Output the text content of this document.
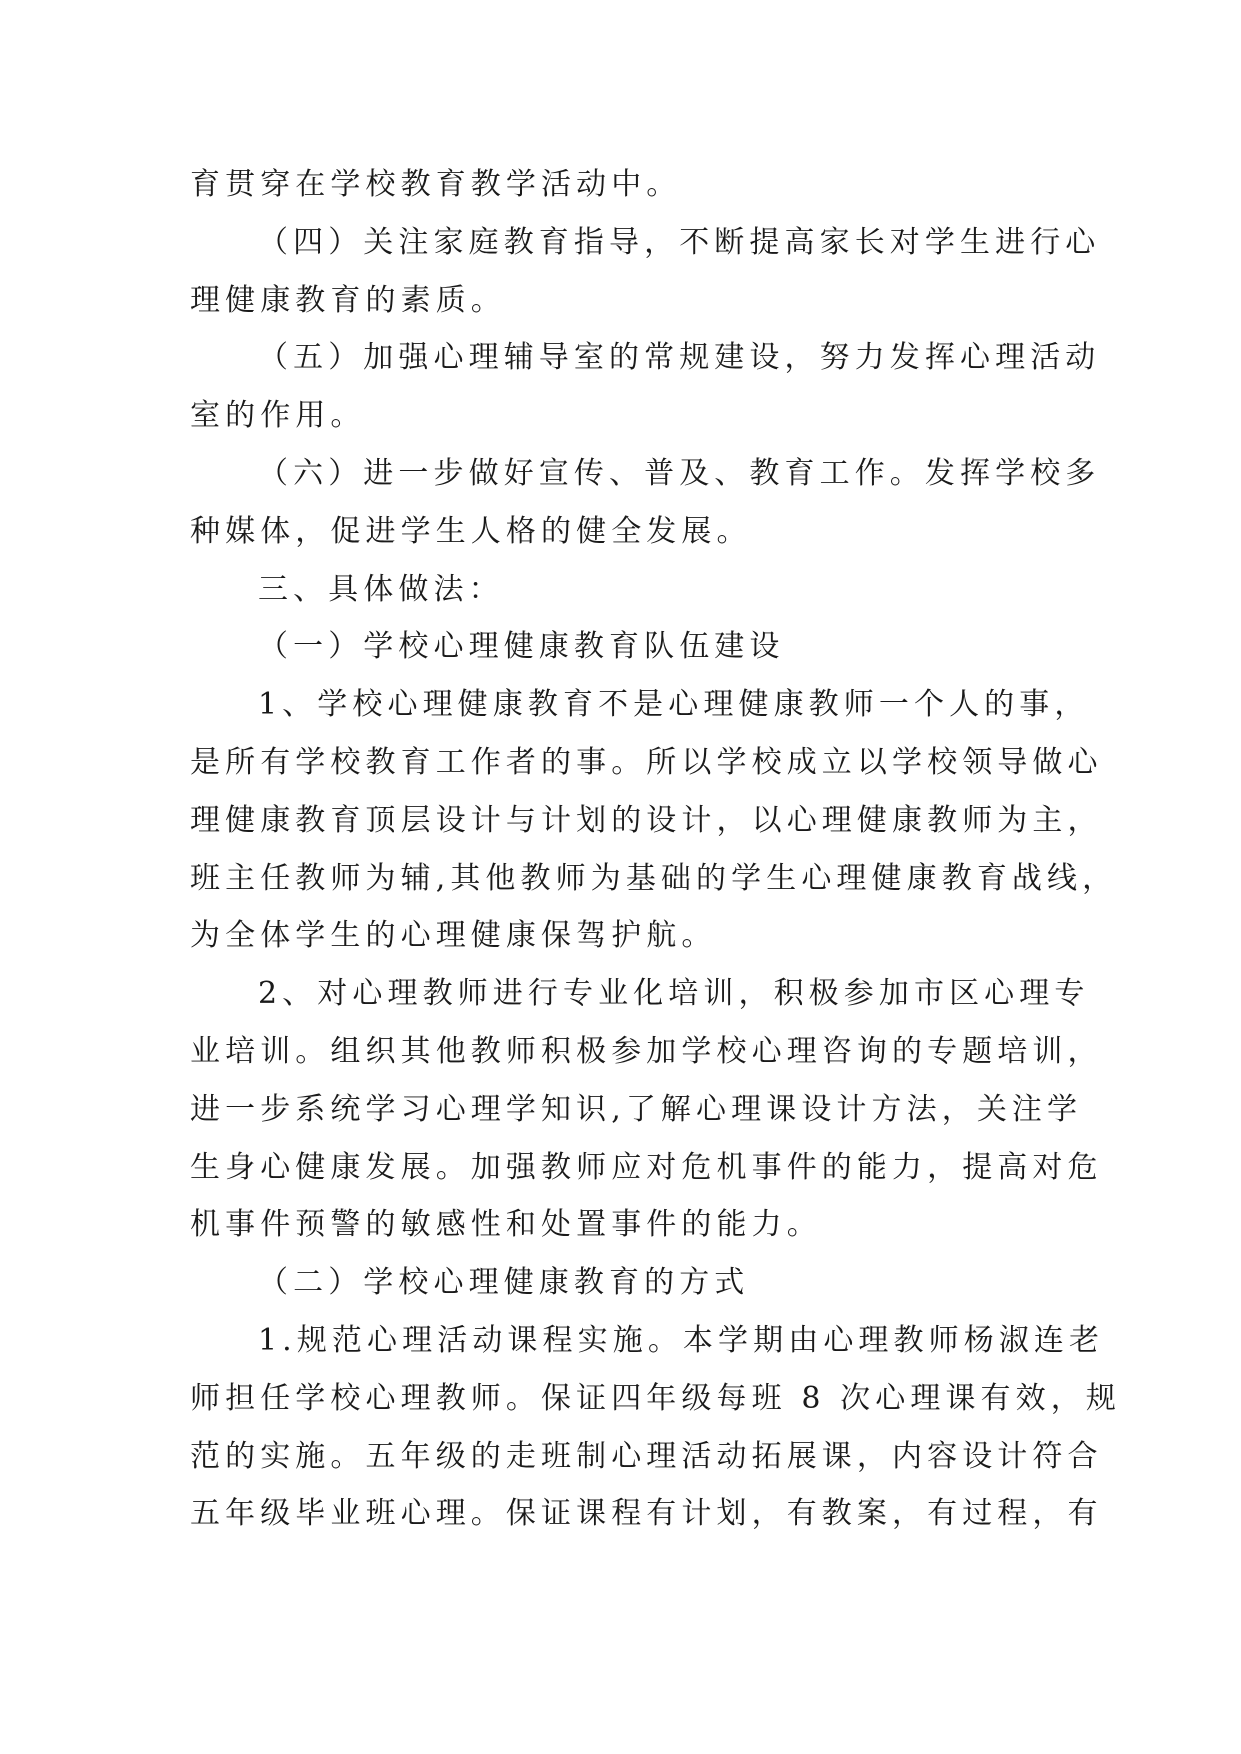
育贯穿在学校教育教学活动中。
（四）关注家庭教育指导，不断提高家长对学生进行心
理健康教育的素质。
（五）加强心理辅导室的常规建设，努力发挥心理活动
室的作用。
（六）进一步做好宣传、普及、教育工作。发挥学校多
种媒体，促进学生人格的健全发展。
三、具体做法：
（一）学校心理健康教育队伍建设
1、学校心理健康教育不是心理健康教师一个人的事，
是所有学校教育工作者的事。所以学校成立以学校领导做心
理健康教育顶层设计与计划的设计，以心理健康教师为主，
班主任教师为辅,其他教师为基础的学生心理健康教育战线，
为全体学生的心理健康保驾护航。
2、对心理教师进行专业化培训，积极参加市区心理专
业培训。组织其他教师积极参加学校心理咨询的专题培训，
进一步系统学习心理学知识,了解心理课设计方法，关注学
生身心健康发展。加强教师应对危机事件的能力，提高对危
机事件预警的敏感性和处置事件的能力。
（二）学校心理健康教育的方式
1.规范心理活动课程实施。本学期由心理教师杨淑连老
师担任学校心理教师。保证四年级每班 8 次心理课有效，规
范的实施。五年级的走班制心理活动拓展课，内容设计符合
五年级毕业班心理。保证课程有计划，有教案，有过程，有
